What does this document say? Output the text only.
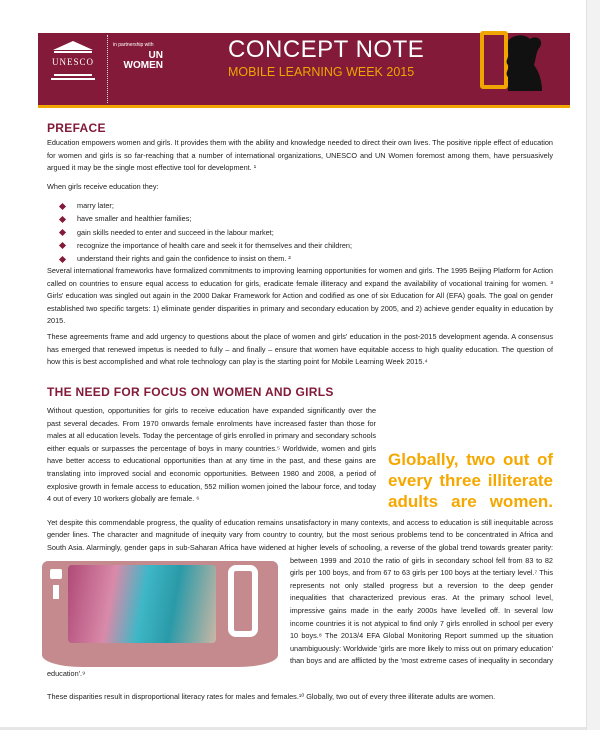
UNESCO
in partnership with
UN WOMEN
CONCEPT NOTE
MOBILE LEARNING WEEK 2015
PREFACE

Education empowers women and girls. It provides them with the ability and knowledge needed to direct their own lives. The positive ripple effect of education for women and girls is so far-reaching that a number of international organizations, UNESCO and UN Women foremost among them, have persuasively argued it may be the single most effective tool for development. ¹

When girls receive education they:

marry later;
have smaller and healthier families;
gain skills needed to enter and succeed in the labour market;
recognize the importance of health care and seek it for themselves and their children;
understand their rights and gain the confidence to insist on them. ²

Several international frameworks have formalized commitments to improving learning opportunities for women and girls. The 1995 Beijing Platform for Action called on countries to ensure equal access to education for girls, eradicate female illiteracy and expand the availability of vocational training for women. ³ Girls' education was singled out again in the 2000 Dakar Framework for Action and codified as one of six Education for All (EFA) goals. The goal on gender established two specific targets: 1) eliminate gender disparities in primary and secondary education by 2005, and 2) achieve gender equality in education by 2015.

These agreements frame and add urgency to questions about the place of women and girls' education in the post-2015 development agenda. A consensus has emerged that renewed impetus is needed to fully – and finally – ensure that women have equitable access to high quality education. The question of how this is best accomplished and what role technology can play is the starting point for Mobile Learning Week 2015.⁴

THE NEED FOR FOCUS ON WOMEN AND GIRLS
Globally, two out of every three illiterate adults are women.

Without question, opportunities for girls to receive education have expanded significantly over the past several decades. From 1970 onwards female enrolments have increased faster than those for males at all education levels. Today the percentage of girls enrolled in primary and secondary schools either equals or surpasses the percentage of boys in many countries.⁵ Worldwide, women and girls have better access to educational opportunities than at any time in the past, and these gains are translating into improved social and economic opportunities. Between 1980 and 2008, a period of explosive growth in female access to education, 552 million women joined the labour force, and today 4 out of every 10 workers globally are female. ⁶

Yet despite this commendable progress, the quality of education remains unsatisfactory in many contexts, and access to education is still inequitable across gender lines. The character and magnitude of inequity vary from country to country, but the most serious problems tend to be concentrated in Africa and South Asia. Alarmingly, gender gaps in sub-Saharan Africa have widened at higher levels of schooling, a reverse of the global trend towards greater parity:
between 1999 and 2010 the ratio of girls in secondary school fell from 83 to 82 girls per 100 boys, and from 67 to 63 girls per 100 boys at the tertiary level.⁷ This represents not only stalled progress but a reversion to the deep gender inequalities that characterized previous eras. At the primary school level, impressive gains made in the early 2000s have levelled off. In several low income countries it is not atypical to find only 7 girls enrolled in school per every 10 boys.⁸ The 2013/4 EFA Global Monitoring Report summed up the situation unambiguously: Worldwide 'girls are more likely to miss out on primary education' than boys and are afflicted by the 'most extreme cases of inequality in secondary education'.⁹

These disparities result in disproportional literacy rates for males and females.¹⁰ Globally, two out of every three illiterate adults are women.
